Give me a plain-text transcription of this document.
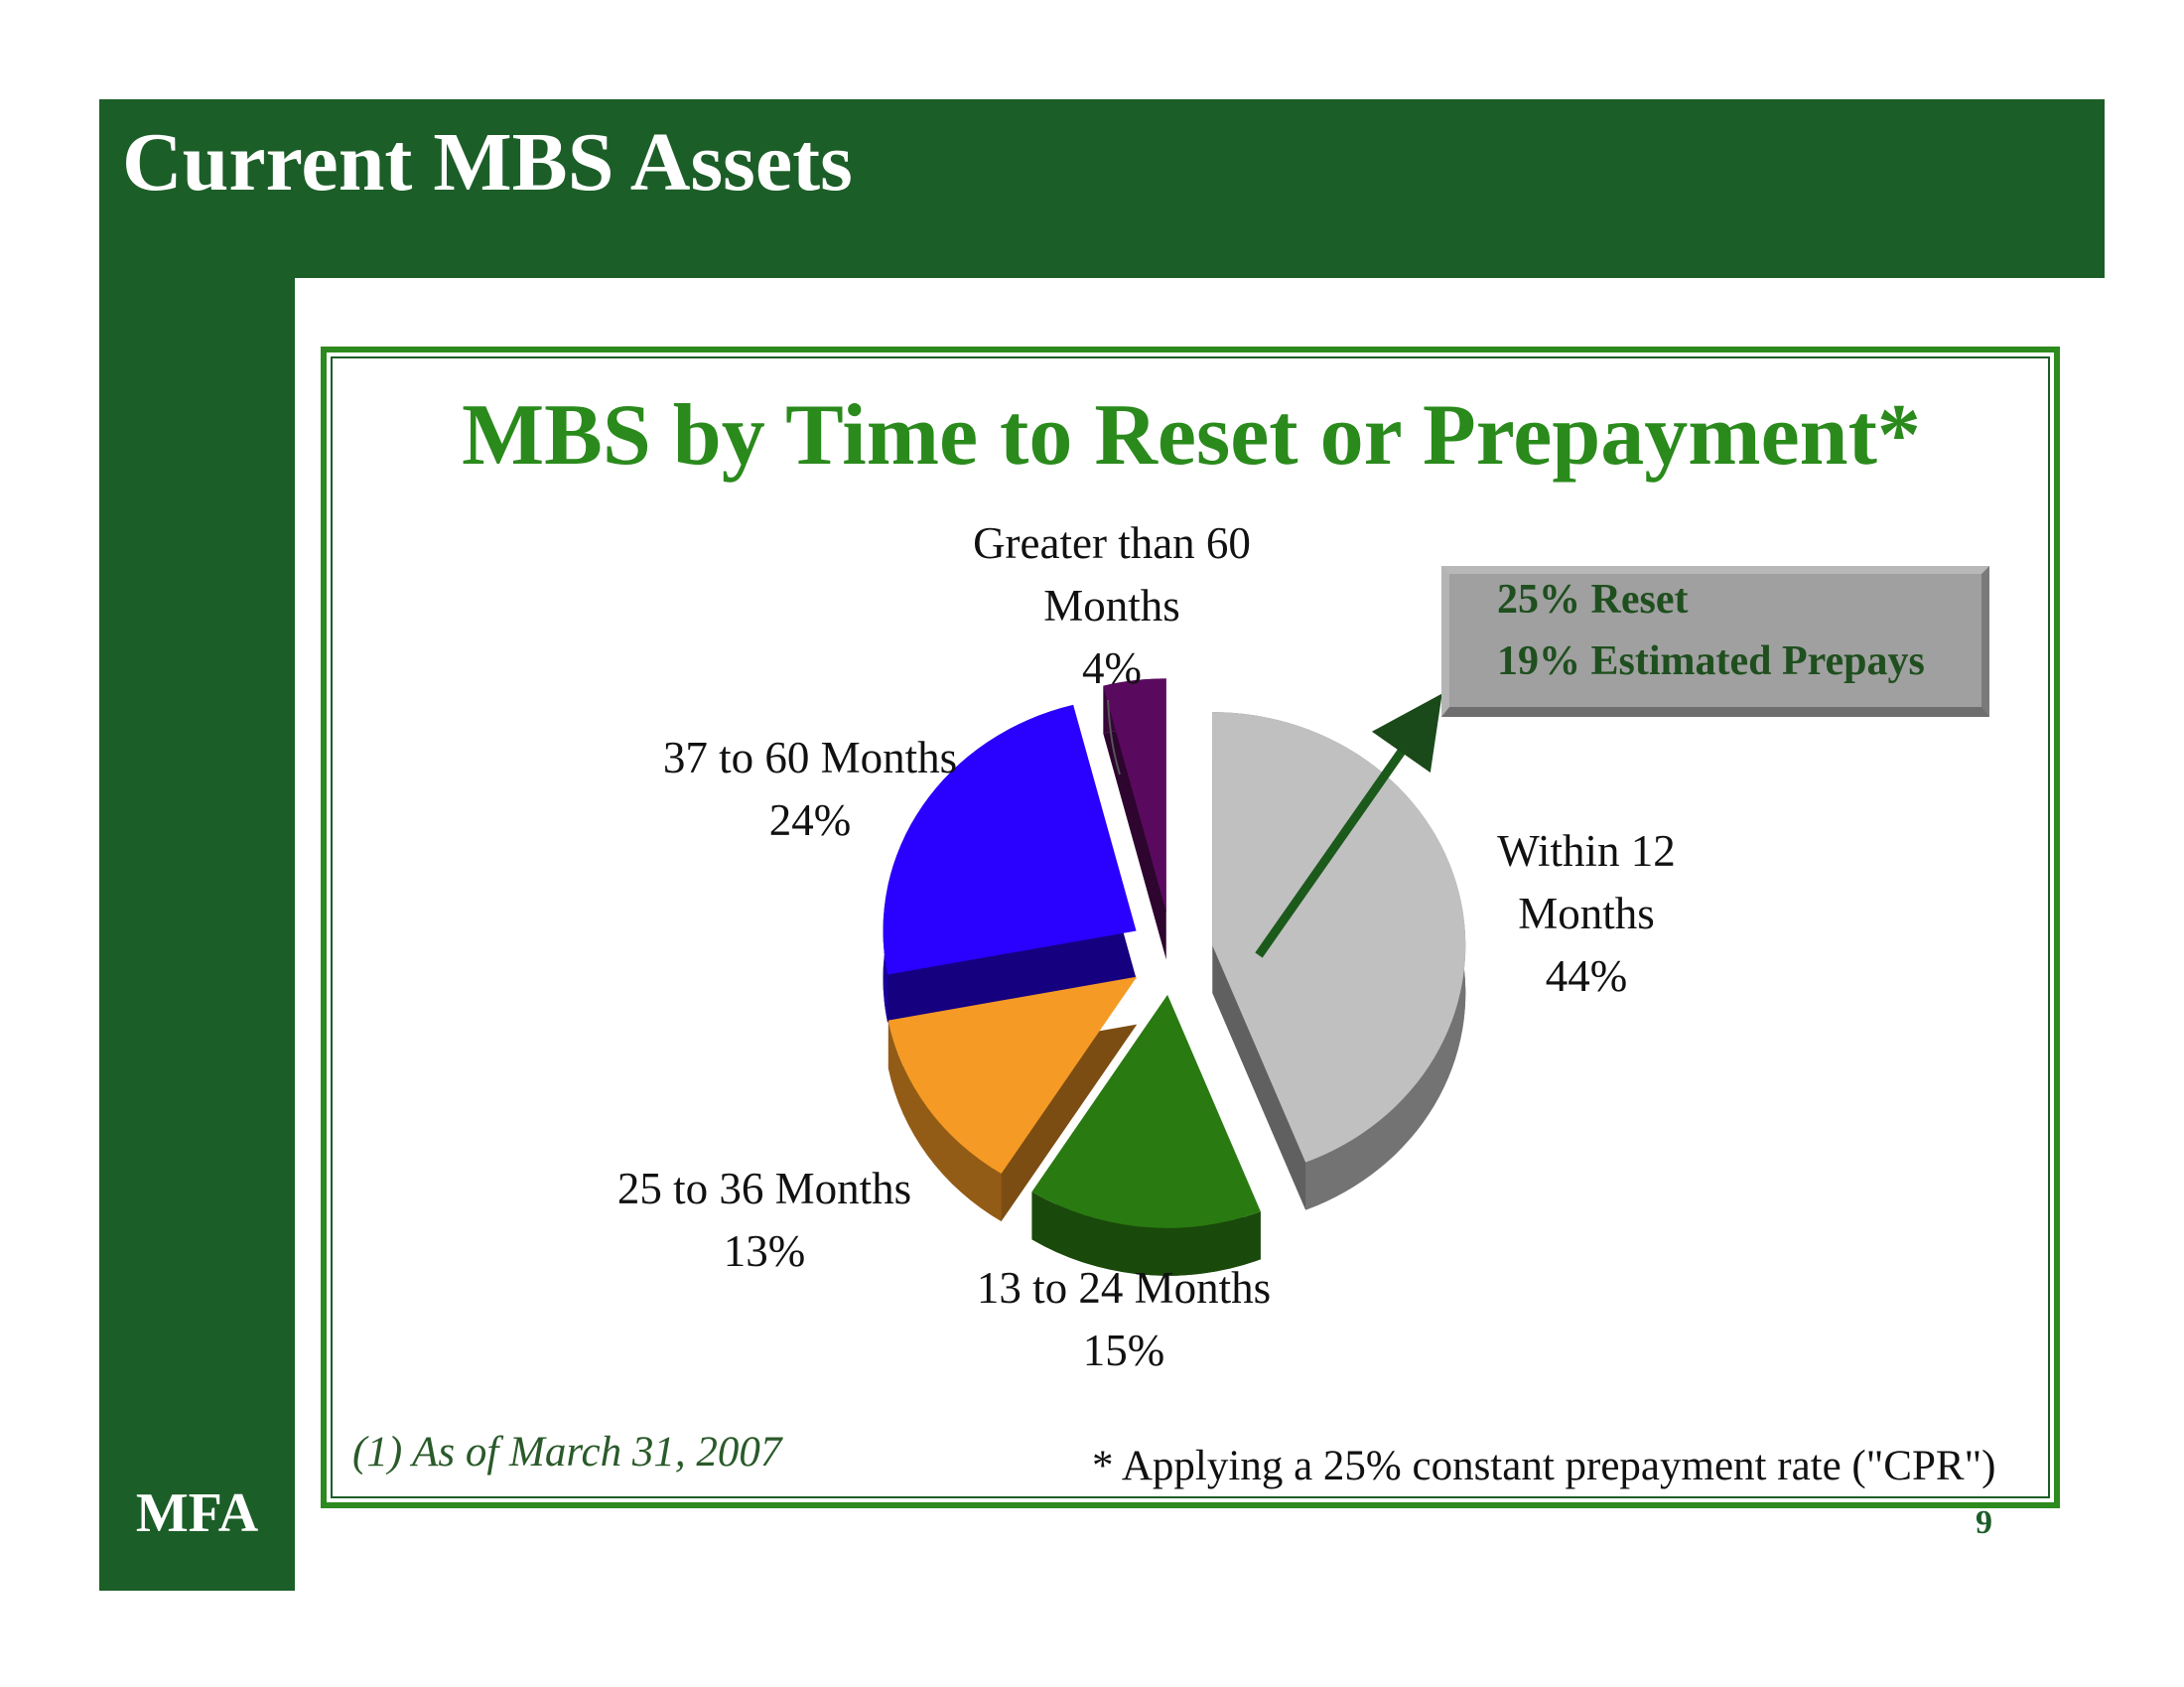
Current MBS Assets
MFA
MBS by Time to Reset or Prepayment*
Within 12 Months 44%
13 to 24 Months 15%
25 to 36 Months 13%
37 to 60 Months 24%
Greater than 60 Months 4%
25% Reset
19% Estimated Prepays
(1) As of March 31, 2007	* Applying a 25% constant prepayment rate ("CPR")
9
